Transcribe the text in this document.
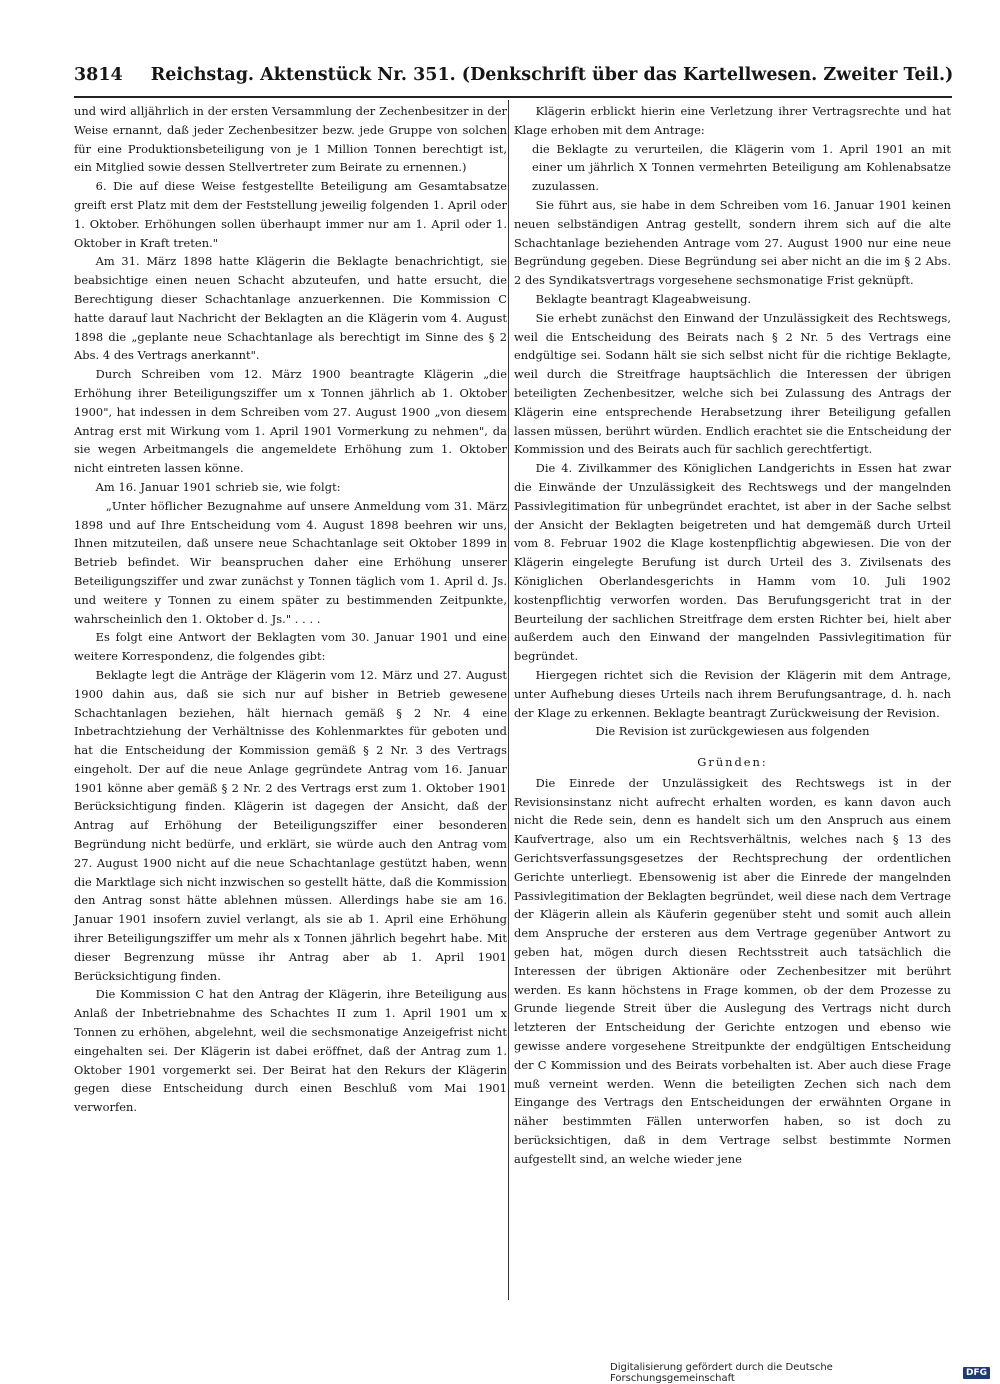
3814 Reichstag. Aktenstück Nr. 351. (Denkschrift über das Kartellwesen. Zweiter Teil.)

und wird alljährlich in der ersten Versammlung der Zechenbesitzer in der Weise ernannt, daß jeder Zechenbesitzer bezw. jede Gruppe von solchen für eine Produktionsbeteiligung von je 1 Million Tonnen berechtigt ist, ein Mitglied sowie dessen Stellvertreter zum Beirate zu ernennen.)

6. Die auf diese Weise festgestellte Beteiligung am Gesamtabsatze greift erst Platz mit dem der Feststellung jeweilig folgenden 1. April oder 1. Oktober. Erhöhungen sollen überhaupt immer nur am 1. April oder 1. Oktober in Kraft treten."

Am 31. März 1898 hatte Klägerin die Beklagte benachrichtigt, sie beabsichtige einen neuen Schacht abzuteufen, und hatte ersucht, die Berechtigung dieser Schachtanlage anzuerkennen. Die Kommission C hatte darauf laut Nachricht der Beklagten an die Klägerin vom 4. August 1898 die „geplante neue Schachtanlage als berechtigt im Sinne des § 2 Abs. 4 des Vertrags anerkannt".

Durch Schreiben vom 12. März 1900 beantragte Klägerin „die Erhöhung ihrer Beteiligungsziffer um x Tonnen jährlich ab 1. Oktober 1900", hat indessen in dem Schreiben vom 27. August 1900 „von diesem Antrag erst mit Wirkung vom 1. April 1901 Vormerkung zu nehmen", da sie wegen Arbeitmangels die angemeldete Erhöhung zum 1. Oktober nicht eintreten lassen könne.

Am 16. Januar 1901 schrieb sie, wie folgt:

„Unter höflicher Bezugnahme auf unsere Anmeldung vom 31. März 1898 und auf Ihre Entscheidung vom 4. August 1898 beehren wir uns, Ihnen mitzuteilen, daß unsere neue Schachtanlage seit Oktober 1899 in Betrieb befindet. Wir beanspruchen daher eine Erhöhung unserer Beteiligungsziffer und zwar zunächst y Tonnen täglich vom 1. April d. Js. und weitere y Tonnen zu einem später zu bestimmenden Zeitpunkte, wahrscheinlich den 1. Oktober d. Js." . . . .

Es folgt eine Antwort der Beklagten vom 30. Januar 1901 und eine weitere Korrespondenz, die folgendes gibt:

Beklagte legt die Anträge der Klägerin vom 12. März und 27. August 1900 dahin aus, daß sie sich nur auf bisher in Betrieb gewesene Schachtanlagen beziehen, hält hiernach gemäß § 2 Nr. 4 eine Inbetrachtziehung der Verhältnisse des Kohlenmarktes für geboten und hat die Entscheidung der Kommission gemäß § 2 Nr. 3 des Vertrags eingeholt. Der auf die neue Anlage gegründete Antrag vom 16. Januar 1901 könne aber gemäß § 2 Nr. 2 des Vertrags erst zum 1. Oktober 1901 Berücksichtigung finden. Klägerin ist dagegen der Ansicht, daß der Antrag auf Erhöhung der Beteiligungsziffer einer besonderen Begründung nicht bedürfe, und erklärt, sie würde auch den Antrag vom 27. August 1900 nicht auf die neue Schachtanlage gestützt haben, wenn die Marktlage sich nicht inzwischen so gestellt hätte, daß die Kommission den Antrag sonst hätte ablehnen müssen. Allerdings habe sie am 16. Januar 1901 insofern zuviel verlangt, als sie ab 1. April eine Erhöhung ihrer Beteiligungsziffer um mehr als x Tonnen jährlich begehrt habe. Mit dieser Begrenzung müsse ihr Antrag aber ab 1. April 1901 Berücksichtigung finden.

Die Kommission C hat den Antrag der Klägerin, ihre Beteiligung aus Anlaß der Inbetriebnahme des Schachtes II zum 1. April 1901 um x Tonnen zu erhöhen, abgelehnt, weil die sechsmonatige Anzeigefrist nicht eingehalten sei. Der Klägerin ist dabei eröffnet, daß der Antrag zum 1. Oktober 1901 vorgemerkt sei. Der Beirat hat den Rekurs der Klägerin gegen diese Entscheidung durch einen Beschluß vom Mai 1901 verworfen.

Klägerin erblickt hierin eine Verletzung ihrer Vertragsrechte und hat Klage erhoben mit dem Antrage:

die Beklagte zu verurteilen, die Klägerin vom 1. April 1901 an mit einer um jährlich X Tonnen vermehrten Beteiligung am Kohlenabsatze zuzulassen.

Sie führt aus, sie habe in dem Schreiben vom 16. Januar 1901 keinen neuen selbständigen Antrag gestellt, sondern ihrem sich auf die alte Schachtanlage beziehenden Antrage vom 27. August 1900 nur eine neue Begründung gegeben. Diese Begründung sei aber nicht an die im § 2 Abs. 2 des Syndikatsvertrags vorgesehene sechsmonatige Frist geknüpft.

Beklagte beantragt Klageabweisung.

Sie erhebt zunächst den Einwand der Unzulässigkeit des Rechtswegs, weil die Entscheidung des Beirats nach § 2 Nr. 5 des Vertrags eine endgültige sei. Sodann hält sie sich selbst nicht für die richtige Beklagte, weil durch die Streitfrage hauptsächlich die Interessen der übrigen beteiligten Zechenbesitzer, welche sich bei Zulassung des Antrags der Klägerin eine entsprechende Herabsetzung ihrer Beteiligung gefallen lassen müssen, berührt würden. Endlich erachtet sie die Entscheidung der Kommission und des Beirats auch für sachlich gerechtfertigt.

Die 4. Zivilkammer des Königlichen Landgerichts in Essen hat zwar die Einwände der Unzulässigkeit des Rechtswegs und der mangelnden Passivlegitimation für unbegründet erachtet, ist aber in der Sache selbst der Ansicht der Beklagten beigetreten und hat demgemäß durch Urteil vom 8. Februar 1902 die Klage kostenpflichtig abgewiesen. Die von der Klägerin eingelegte Berufung ist durch Urteil des 3. Zivilsenats des Königlichen Oberlandesgerichts in Hamm vom 10. Juli 1902 kostenpflichtig verworfen worden. Das Berufungsgericht trat in der Beurteilung der sachlichen Streitfrage dem ersten Richter bei, hielt aber außerdem auch den Einwand der mangelnden Passivlegitimation für begründet.

Hiergegen richtet sich die Revision der Klägerin mit dem Antrage, unter Aufhebung dieses Urteils nach ihrem Berufungsantrage, d. h. nach der Klage zu erkennen. Beklagte beantragt Zurückweisung der Revision.

Die Revision ist zurückgewiesen aus folgenden

Gründen:

Die Einrede der Unzulässigkeit des Rechtswegs ist in der Revisionsinstanz nicht aufrecht erhalten worden, es kann davon auch nicht die Rede sein, denn es handelt sich um den Anspruch aus einem Kaufvertrage, also um ein Rechtsverhältnis, welches nach § 13 des Gerichtsverfassungsgesetzes der Rechtsprechung der ordentlichen Gerichte unterliegt. Ebensowenig ist aber die Einrede der mangelnden Passivlegitimation der Beklagten begründet, weil diese nach dem Vertrage der Klägerin allein als Käuferin gegenüber steht und somit auch allein dem Anspruche der ersteren aus dem Vertrage gegenüber Antwort zu geben hat, mögen durch diesen Rechtsstreit auch tatsächlich die Interessen der übrigen Aktionäre oder Zechenbesitzer mit berührt werden. Es kann höchstens in Frage kommen, ob der dem Prozesse zu Grunde liegende Streit über die Auslegung des Vertrags nicht durch letzteren der Entscheidung der Gerichte entzogen und ebenso wie gewisse andere vorgesehene Streitpunkte der endgültigen Entscheidung der C Kommission und des Beirats vorbehalten ist. Aber auch diese Frage muß verneint werden. Wenn die beteiligten Zechen sich nach dem Eingange des Vertrags den Entscheidungen der erwähnten Organe in näher bestimmten Fällen unterworfen haben, so ist doch zu berücksichtigen, daß in dem Vertrage selbst bestimmte Normen aufgestellt sind, an welche wieder jene

Digitalisierung gefördert durch die Deutsche Forschungsgemeinschaft	DFG
